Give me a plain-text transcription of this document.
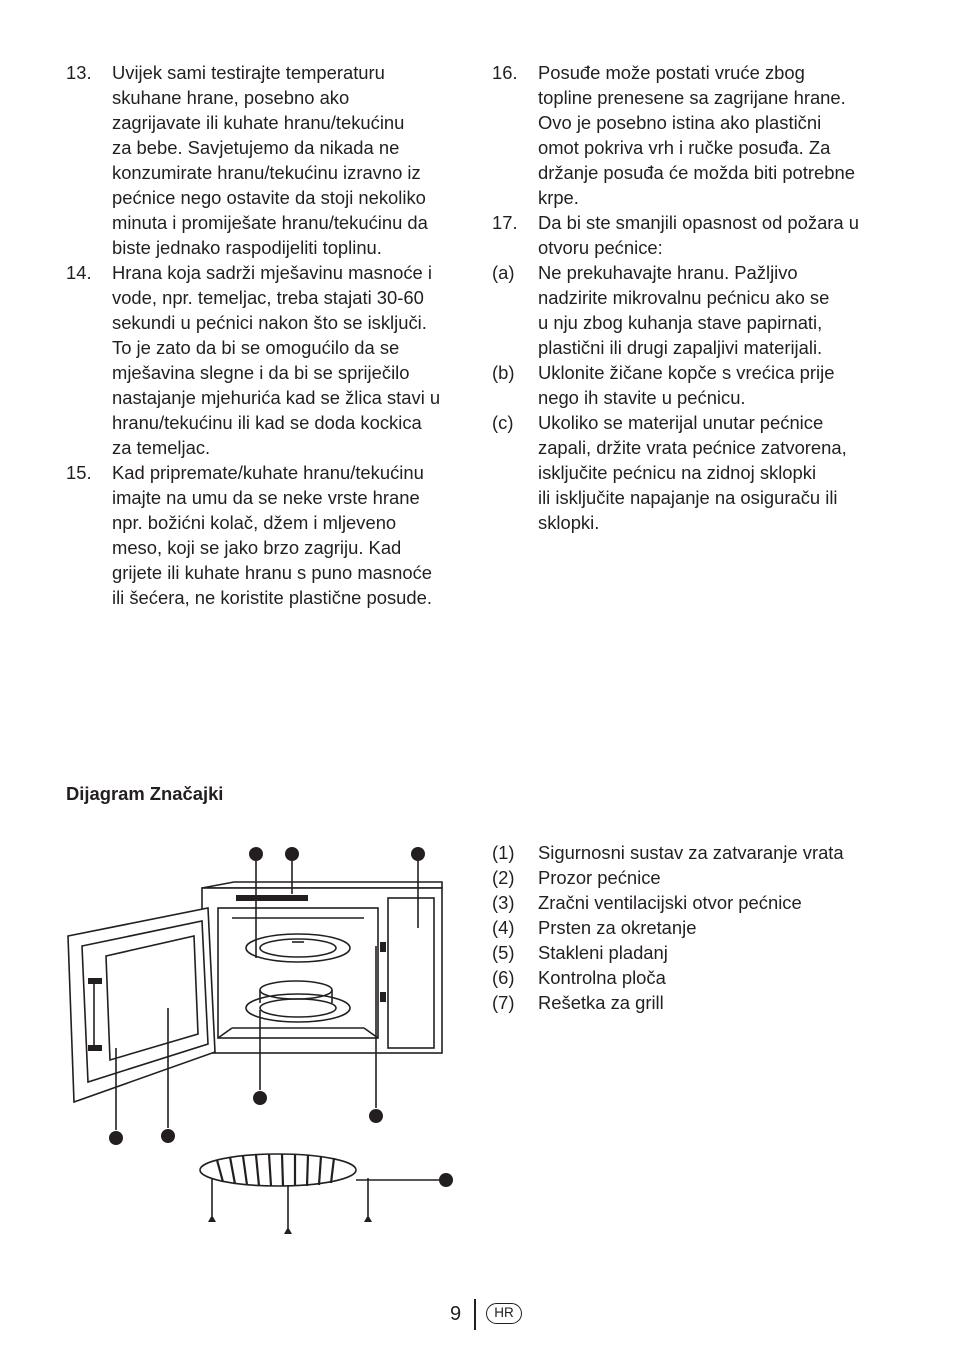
13.	Uvijek sami testirajte temperaturu
skuhane hrane, posebno ako
zagrijavate ili kuhate hranu/tekućinu
za bebe. Savjetujemo da nikada ne
konzumirate hranu/tekućinu izravno iz
pećnice nego ostavite da stoji nekoliko
minuta i promiješate hranu/tekućinu da
biste jednako raspodijeliti toplinu.
14.	Hrana koja sadrži mješavinu masnoće i
vode, npr. temeljac, treba stajati 30-60
sekundi u pećnici nakon što se isključi.
To je zato da bi se omogućilo da se
mješavina slegne i da bi se spriječilo
nastajanje mjehurića kad se žlica stavi u
hranu/tekućinu ili kad se doda kockica
za temeljac.
15.	Kad pripremate/kuhate hranu/tekućinu
imajte na umu da se neke vrste hrane
npr. božićni kolač, džem i mljeveno
meso, koji se jako brzo zagriju. Kad
grijete ili kuhate hranu s puno masnoće
ili šećera, ne koristite plastične posude.
16.	Posuđe može postati vruće zbog
topline prenesene sa zagrijane hrane.
Ovo je posebno istina ako plastični
omot pokriva vrh i ručke posuđa. Za
držanje posuđa će možda biti potrebne
krpe.
17.	Da bi ste smanjili opasnost od požara u
otvoru pećnice:
(a)	Ne prekuhavajte hranu. Pažljivo
nadzirite mikrovalnu pećnicu ako se
u nju zbog kuhanja stave papirnati,
plastični ili drugi zapaljivi materijali.
(b)	Uklonite žičane kopče s vrećica prije
nego ih stavite u pećnicu.
(c)	Ukoliko se materijal unutar pećnice
zapali, držite vrata pećnice zatvorena,
isključite pećnicu na zidnoj sklopki
ili isključite napajanje na osiguraču ili
sklopki.
Dijagram Značajki
(1)	Sigurnosni sustav za zatvaranje vrata
(2)	Prozor pećnice
(3)	Zračni ventilacijski otvor pećnice
(4)	Prsten za okretanje
(5)	Stakleni pladanj
(6)	Kontrolna ploča
(7)	Rešetka za grill
9	HR
